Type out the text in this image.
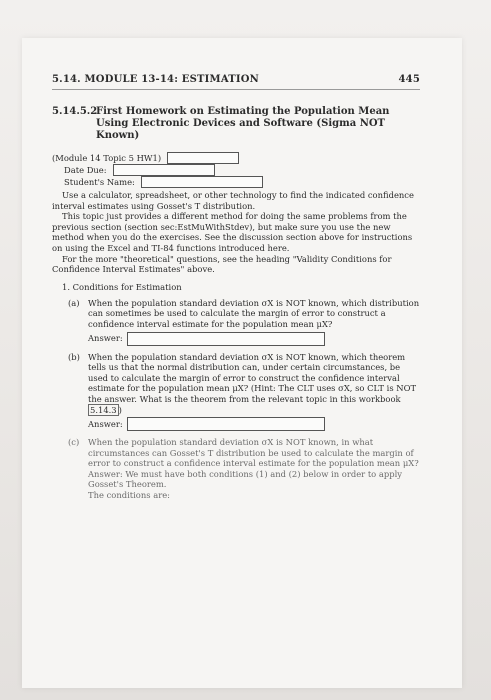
5.14. MODULE 13-14: ESTIMATION	445
5.14.5.2
First Homework on Estimating the Population Mean Using Electronic Devices and Software (Sigma NOT Known)
(Module 14 Topic 5 HW1)
Date Due:
Student's Name:

Use a calculator, spreadsheet, or other technology to find the indicated confidence interval estimates using Gosset's T distribution.

This topic just provides a different method for doing the same problems from the previous section (section sec:EstMuWithStdev), but make sure you use the new method when you do the exercises. See the discussion section above for instructions on using the Excel and TI-84 functions introduced here.

For the more "theoretical" questions, see the heading "Validity Conditions for Confidence Interval Estimates" above.

1. Conditions for Estimation
(a)	When the population standard deviation σX is NOT known, which distribution can sometimes be used to calculate the margin of error to construct a confidence interval estimate for the population mean μX?
Answer:
(b) When the population standard deviation σX is NOT known, which theorem tells us that the normal distribution can, under certain circumstances, be used to calculate the margin of error to construct the confidence interval estimate for the population mean μX? (Hint: The CLT uses σX, so CLT is NOT the answer. What is the theorem from the relevant topic in this workbook 5.14.3 )
Answer:
(c)	When the population standard deviation σX is NOT known, in what circumstances can Gosset's T distribution be used to calculate the margin of error to construct a confidence interval estimate for the population mean μX?
Answer: We must have both conditions (1) and (2) below in order to apply Gosset's Theorem.
The conditions are:
